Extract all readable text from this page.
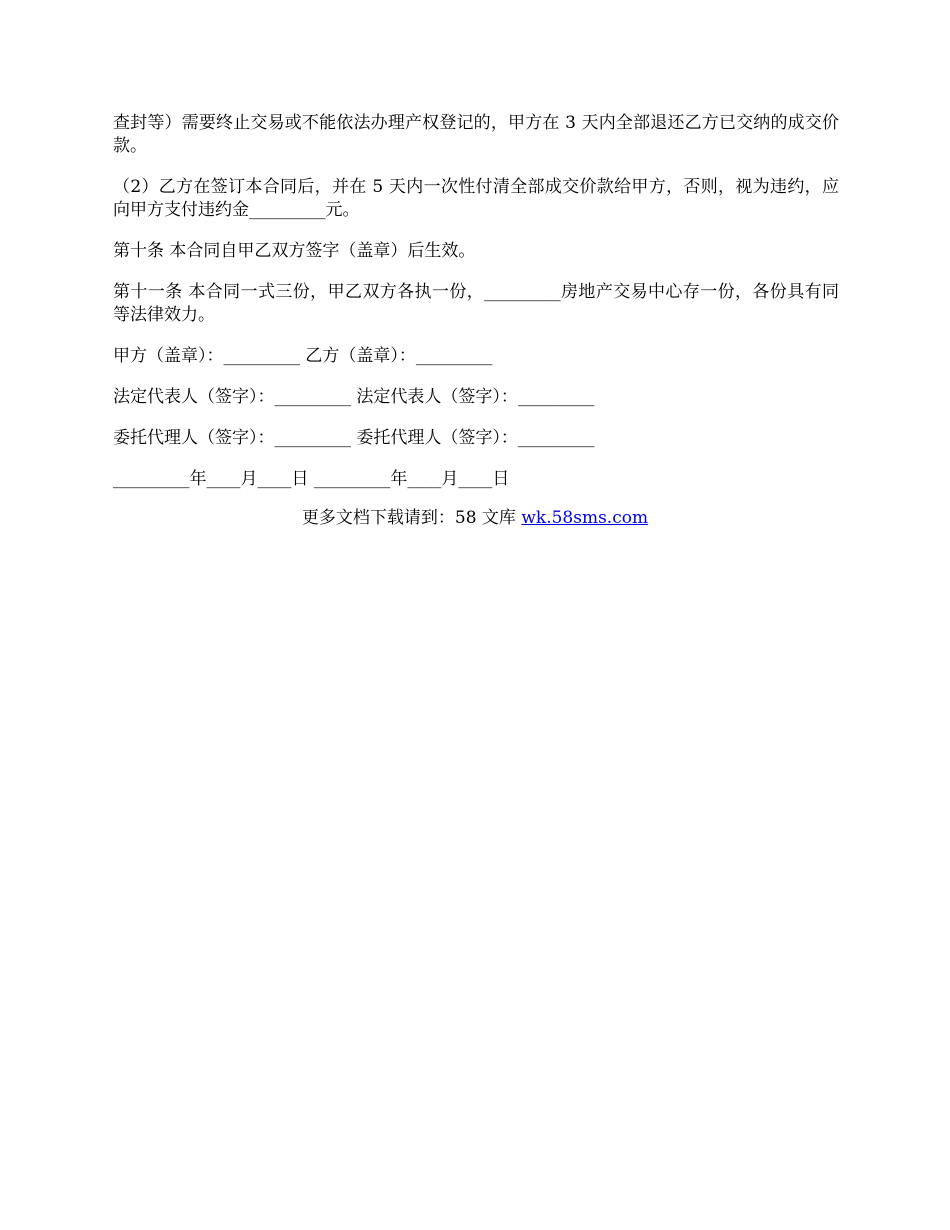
查封等）需要终止交易或不能依法办理产权登记的，甲方在 3 天内全部退还乙方已交纳的成交价款。

（2）乙方在签订本合同后，并在 5 天内一次性付清全部成交价款给甲方，否则，视为违约，应向甲方支付违约金_________元。

第十条 本合同自甲乙双方签字（盖章）后生效。

第十一条 本合同一式三份，甲乙双方各执一份，_________房地产交易中心存一份，各份具有同等法律效力。

甲方（盖章）：_________ 乙方（盖章）：_________

法定代表人（签字）：_________ 法定代表人（签字）：_________

委托代理人（签字）：_________ 委托代理人（签字）：_________

_________年____月____日 _________年____月____日

更多文档下载请到：58 文库 wk.58sms.com
